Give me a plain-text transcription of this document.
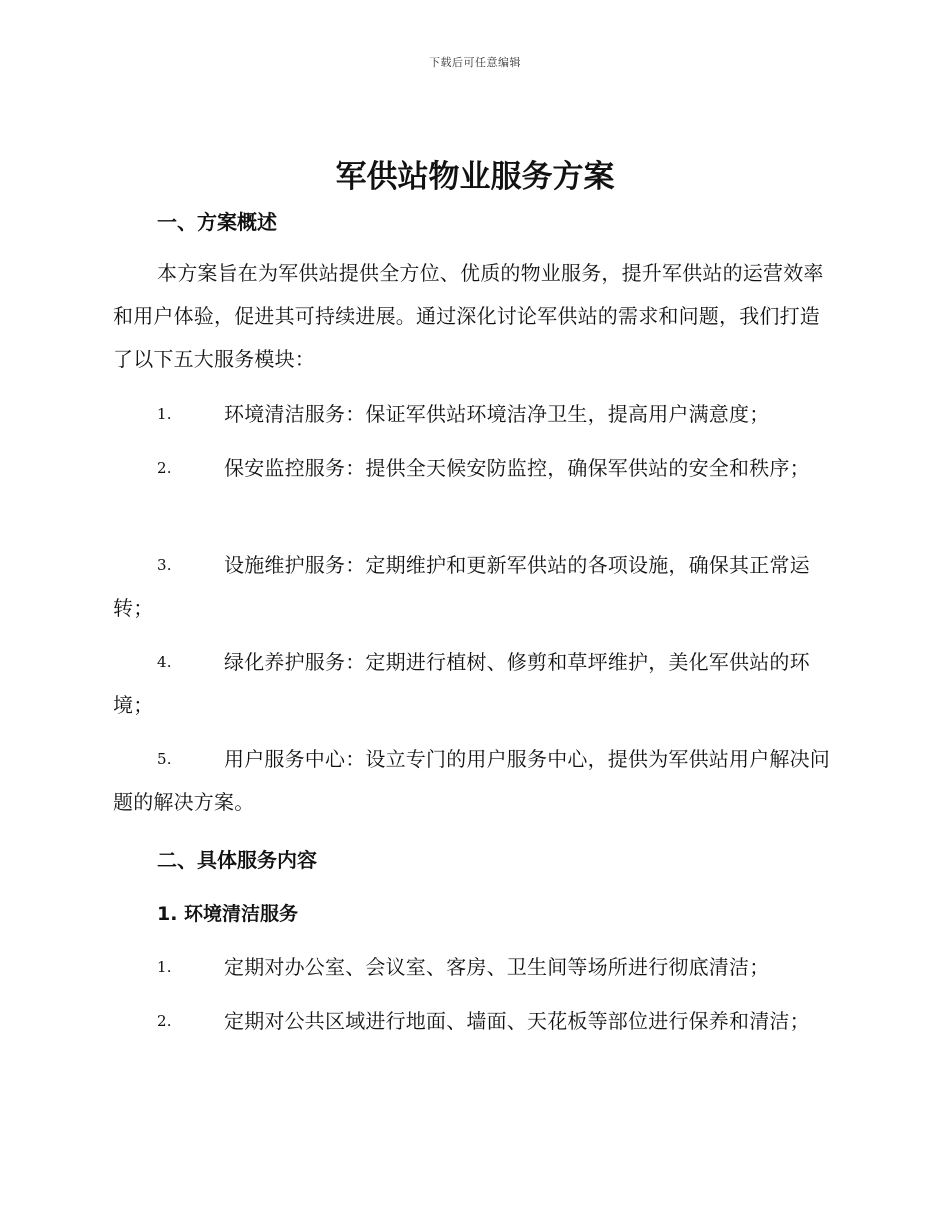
下载后可任意编辑
军供站物业服务方案
一、方案概述

本方案旨在为军供站提供全方位、优质的物业服务，提升军供站的运营效率和用户体验，促进其可持续进展。通过深化讨论军供站的需求和问题，我们打造了以下五大服务模块：

1.	环境清洁服务：保证军供站环境洁净卫生，提高用户满意度；

2.	保安监控服务：提供全天候安防监控，确保军供站的安全和秩序；

3.	设施维护服务：定期维护和更新军供站的各项设施，确保其正常运转；

4.	绿化养护服务：定期进行植树、修剪和草坪维护，美化军供站的环境；

5.	用户服务中心：设立专门的用户服务中心，提供为军供站用户解决问题的解决方案。

二、具体服务内容
1. 环境清洁服务

1.	定期对办公室、会议室、客房、卫生间等场所进行彻底清洁；

2.	定期对公共区域进行地面、墙面、天花板等部位进行保养和清洁；
